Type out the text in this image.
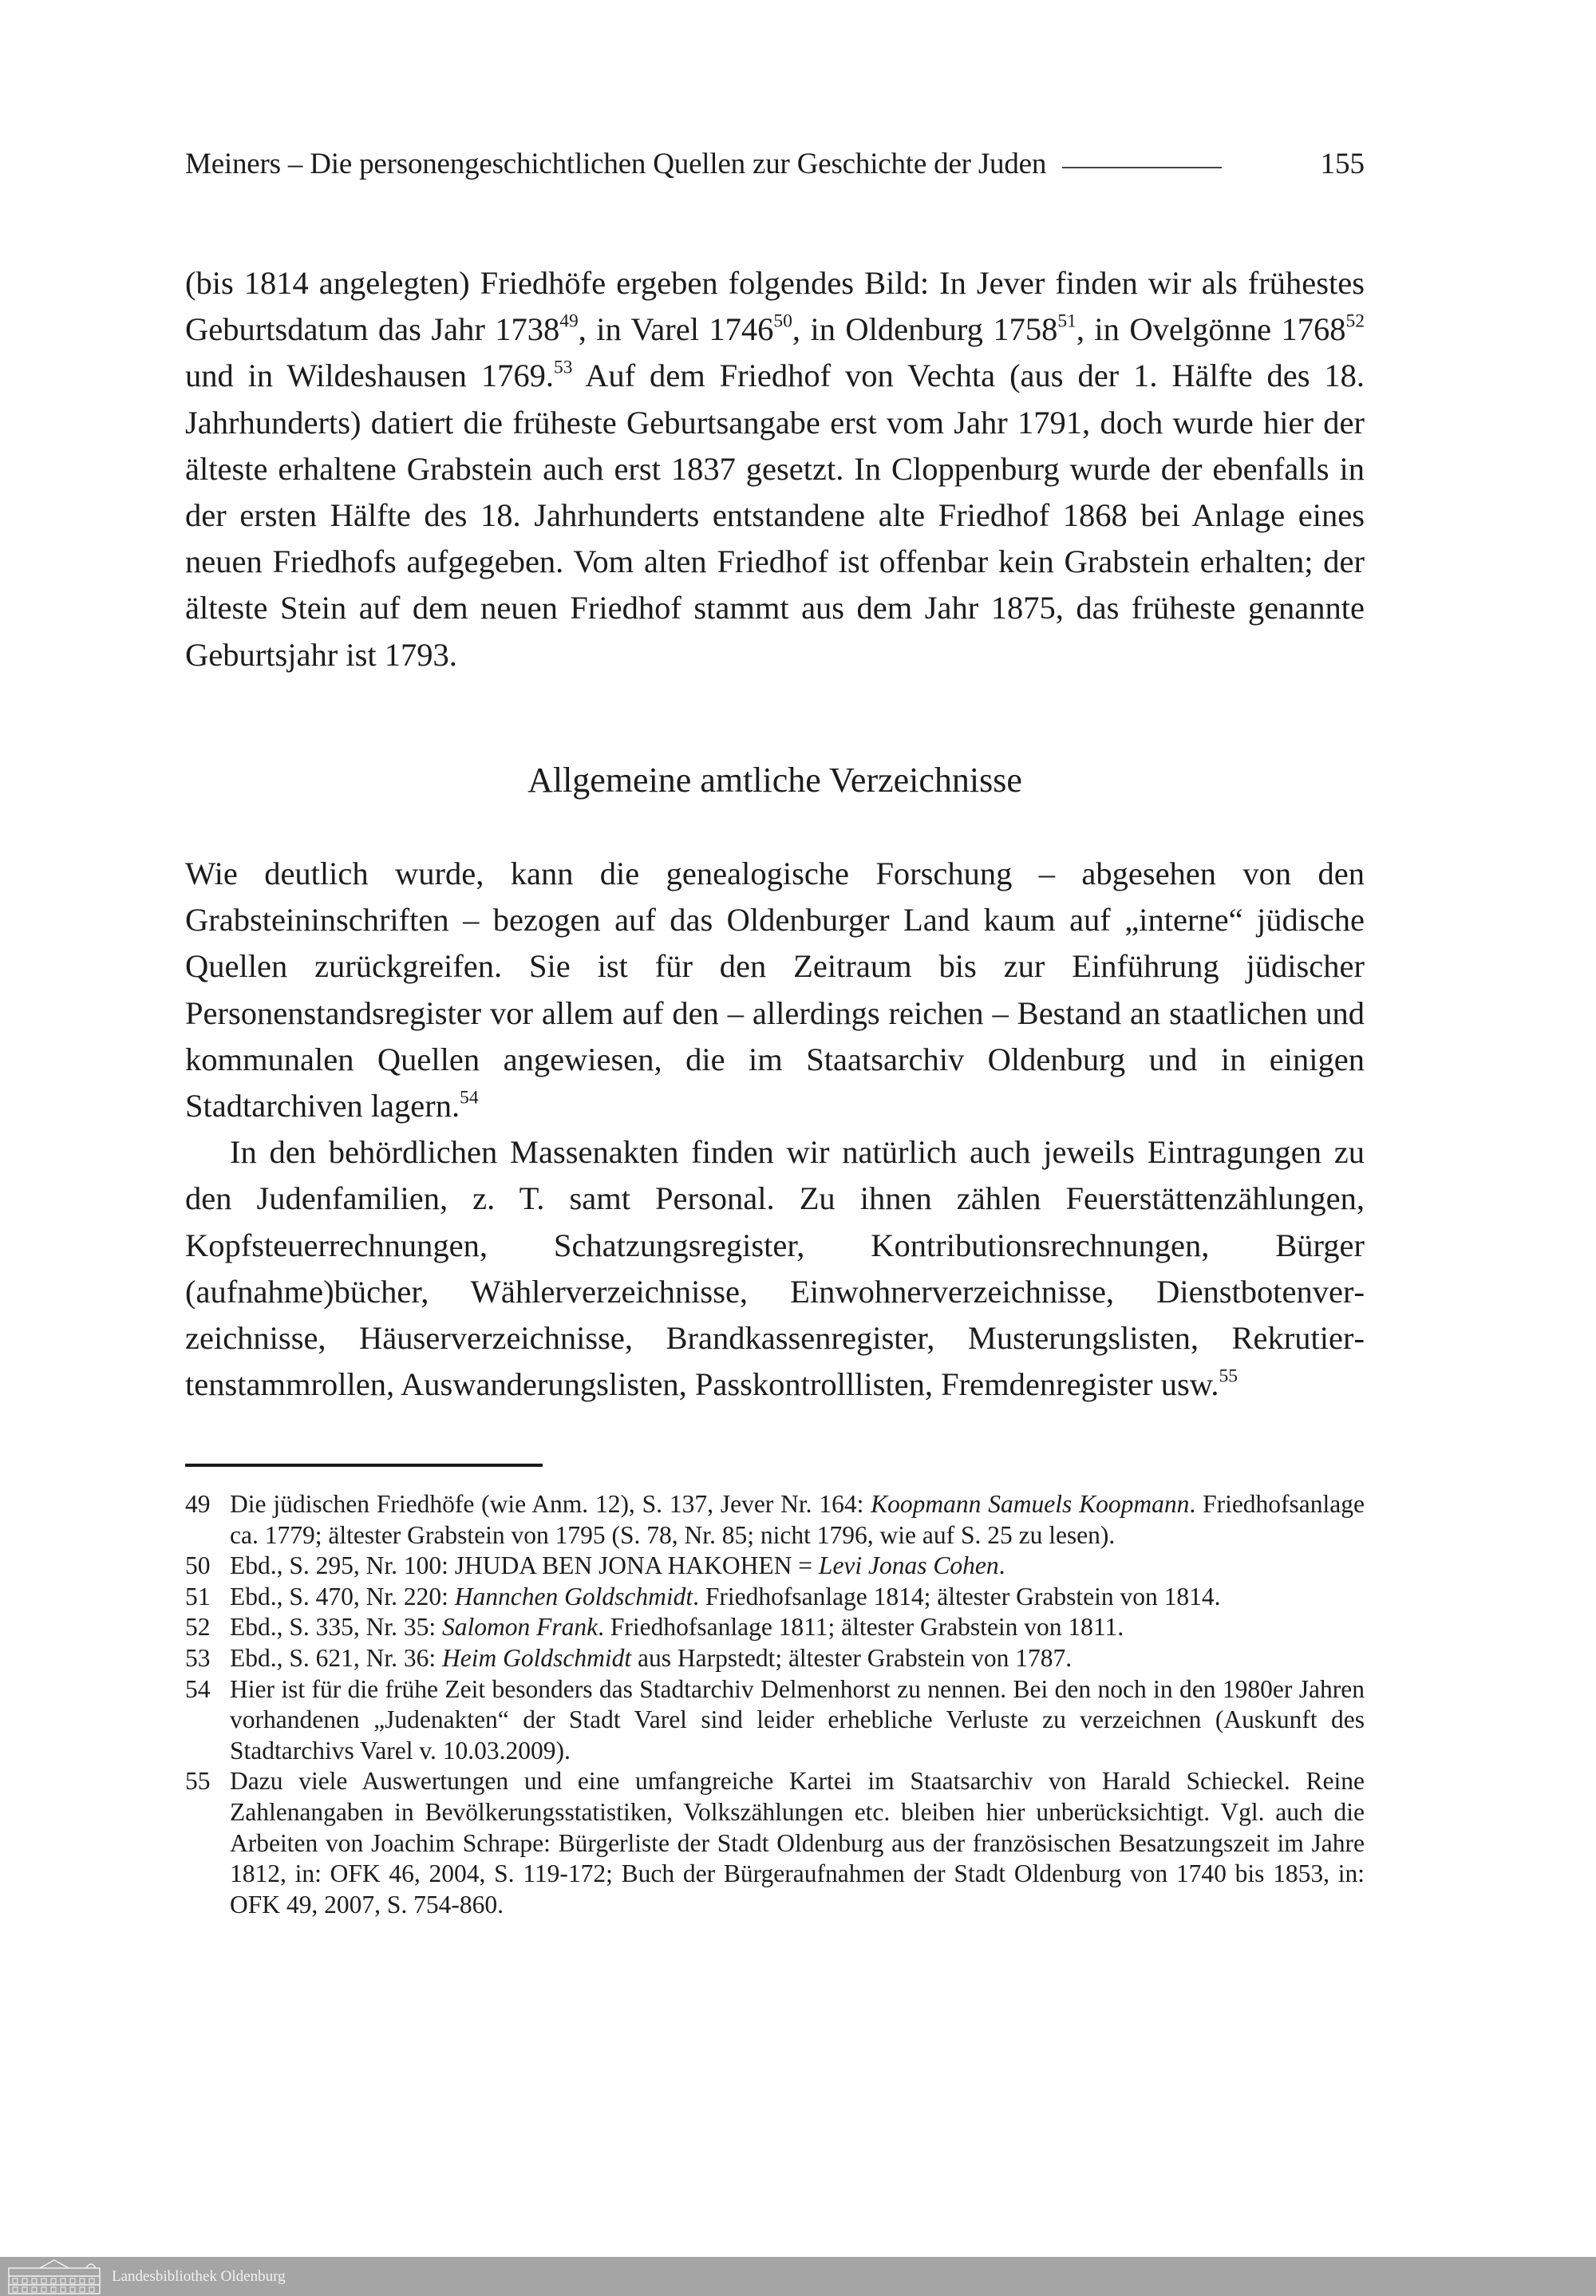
Meiners – Die personengeschichtlichen Quellen zur Geschichte der Juden	155

(bis 1814 angelegten) Friedhöfe ergeben folgendes Bild: In Jever finden wir als frühestes Geburtsdatum das Jahr 1738$^{49}$, in Varel 1746$^{50}$, in Oldenburg 1758$^{51}$, in Ovelgönne 1768$^{52}$ und in Wildeshausen 1769.53 Auf dem Friedhof von Vechta (aus der 1. Hälfte des 18. Jahrhunderts) datiert die früheste Geburtsangabe erst vom Jahr 1791, doch wurde hier der älteste erhaltene Grabstein auch erst 1837 gesetzt. In Cloppenburg wurde der ebenfalls in der ersten Hälfte des 18. Jahrhunderts entstandene alte Friedhof 1868 bei Anlage eines neuen Friedhofs aufgegeben. Vom alten Friedhof ist offenbar kein Grabstein erhalten; der älteste Stein auf dem neuen Friedhof stammt aus dem Jahr 1875, das früheste genannte Geburtsjahr ist 1793.

Allgemeine amtliche Verzeichnisse

Wie deutlich wurde, kann die genealogische Forschung – abgesehen von den Grabsteininschriften – bezogen auf das Oldenburger Land kaum auf „interne“ jüdische Quellen zurückgreifen. Sie ist für den Zeitraum bis zur Einführung jüdischer Personenstandsregister vor allem auf den – allerdings reichen – Bestand an staatlichen und kommunalen Quellen angewiesen, die im Staatsarchiv Oldenburg und in einigen Stadtarchiven lagern.$^{54}$

In den behördlichen Massenakten finden wir natürlich auch jeweils Eintragungen zu den Judenfamilien, z. T. samt Personal. Zu ihnen zählen Feuerstättenzählungen, Kopfsteuerrechnungen, Schatzungsregister, Kontributionsrechnungen, Bürger (aufnahme)bücher, Wählerverzeichnisse, Einwohnerverzeichnisse, Dienstbotenverzeichnisse, Häuserverzeichnisse, Brandkassenregister, Musterungslisten, Rekrutiertenstammrollen, Auswanderungslisten, Passkontrolllisten, Fremdenregister usw.$^{55}$

49 Die jüdischen Friedhöfe (wie Anm. 12), S. 137, Jever Nr. 164: Koopmann Samuels Koopmann. Friedhofsanlage ca. 1779; ältester Grabstein von 1795 (S. 78, Nr. 85; nicht 1796, wie auf S. 25 zu lesen).
50 Ebd., S. 295, Nr. 100: JHUDA BEN JONA HAKOHEN = Levi Jonas Cohen.
51 Ebd., S. 470, Nr. 220: Hannchen Goldschmidt. Friedhofsanlage 1814; ältester Grabstein von 1814.
52 Ebd., S. 335, Nr. 35: Salomon Frank. Friedhofsanlage 1811; ältester Grabstein von 1811.
53 Ebd., S. 621, Nr. 36: Heim Goldschmidt aus Harpstedt; ältester Grabstein von 1787.
54 Hier ist für die frühe Zeit besonders das Stadtarchiv Delmenhorst zu nennen. Bei den noch in den 1980er Jahren vorhandenen „Judenakten“ der Stadt Varel sind leider erhebliche Verluste zu verzeichnen (Auskunft des Stadtarchivs Varel v. 10.03.2009).
55 Dazu viele Auswertungen und eine umfangreiche Kartei im Staatsarchiv von Harald Schieckel. Reine Zahlenangaben in Bevölkerungsstatistiken, Volkszählungen etc. bleiben hier unberücksichtigt. Vgl. auch die Arbeiten von Joachim Schrape: Bürgerliste der Stadt Oldenburg aus der französischen Besatzungszeit im Jahre 1812, in: OFK 46, 2004, S. 119-172; Buch der Bürgeraufnahmen der Stadt Oldenburg von 1740 bis 1853, in: OFK 49, 2007, S. 754-860.
Landesbibliothek Oldenburg
